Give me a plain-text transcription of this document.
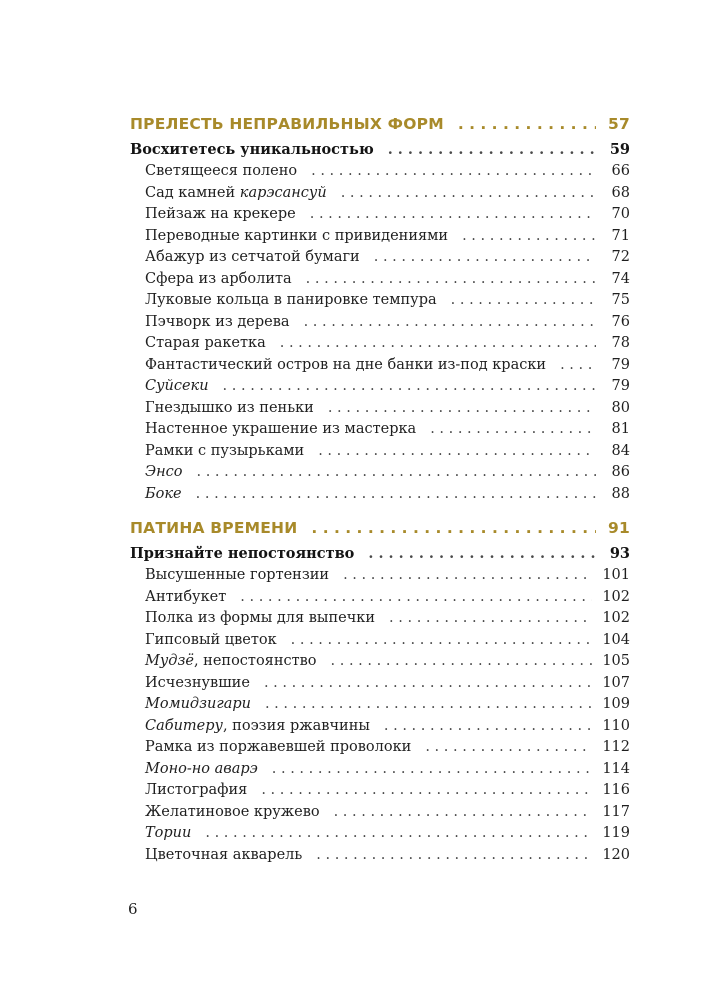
ПРЕЛЕСТЬ НЕПРАВИЛЬНЫХ ФОРМ . . .	57
Восхитетесь уникальностью . . .	59
Светящееся полено . . .	66
Сад камней карэсансуй . . .	68
Пейзаж на крекере . . .	70
Переводные картинки с привидениями . . .	71
Абажур из сетчатой бумаги . . .	72
Сфера из арболита . . .	74
Луковые кольца в панировке темпура . . .	75
Пэчворк из дерева . . .	76
Старая ракетка . . .	78
Фантастический остров на дне банки из-под краски . . .	79
Суйсеки . . .	79
Гнездышко из пеньки . . .	80
Настенное украшение из мастерка . . .	81
Рамки с пузырьками . . .	84
Энсо . . .	86
Боке . . .	88
ПАТИНА ВРЕМЕНИ . . .	91
Признайте непостоянство . . .	93
Высушенные гортензии . . .	101
Антибукет . . .	102
Полка из формы для выпечки . . .	102
Гипсовый цветок . . .	104
Мудзё, непостоянство . . .	105
Исчезнувшие . . .	107
Момидзигари . . .	109
Сабитеру, поэзия ржавчины . . .	110
Рамка из поржавевшей проволоки . . .	112
Моно-но аварэ . . .	114
Листография . . .	116
Желатиновое кружево . . .	117
Тории . . .	119
Цветочная акварель . . .	120
6
